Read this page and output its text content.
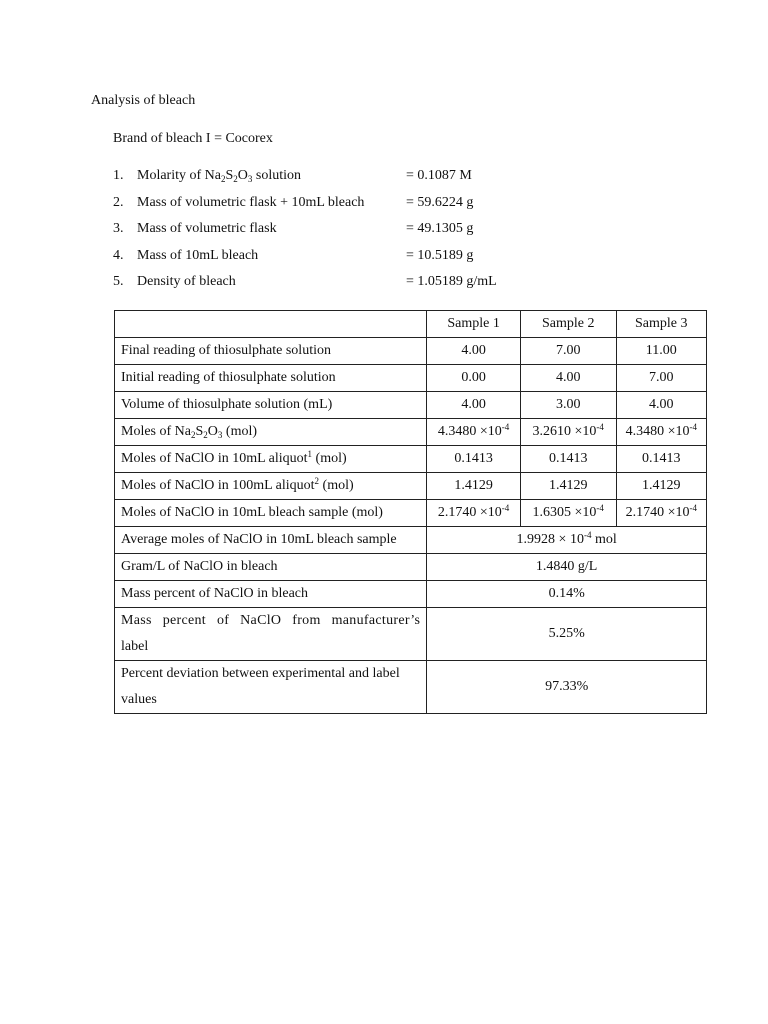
Analysis of bleach
Brand of bleach I = Cocorex
1. Molarity of $Na_2S_2O_3$ solution	= 0.1087 M
2. Mass of volumetric flask + 10mL bleach	= 59.6224 g
3. Mass of volumetric flask	= 49.1305 g
4. Mass of 10mL bleach	= 10.5189 g
5. Density of bleach	= 1.05189 g/mL
	Sample 1	Sample 2	Sample 3
Final reading of thiosulphate solution	4.00	7.00	11.00
Initial reading of thiosulphate solution	0.00	4.00	7.00
Volume of thiosulphate solution (mL)	4.00	3.00	4.00
Moles of $Na_2S_2O_3$ (mol)	$4.3480 \times 10^{-4}$	$3.2610 \times 10^{-4}$	$4.3480 \times 10^{-4}$
Moles of NaClO in 10mL aliquot$^1$ (mol)	0.1413	0.1413	0.1413
Moles of NaClO in 100mL aliquot$^2$ (mol)	1.4129	1.4129	1.4129
Moles of NaClO in 10mL bleach sample (mol)	$2.1740 \times 10^{-4}$	$1.6305 \times 10^{-4}$	$2.1740 \times 10^{-4}$
Average moles of NaClO in 10mL bleach sample	$1.9928 \times 10^{-4}$ mol		
Gram/L of NaClO in bleach	1.4840 g/L		
Mass percent of NaClO in bleach	0.14%		

Mass percent of NaClO from manufacturer’s
label	5.25%		

Percent deviation between experimental and label
values	97.33%		
